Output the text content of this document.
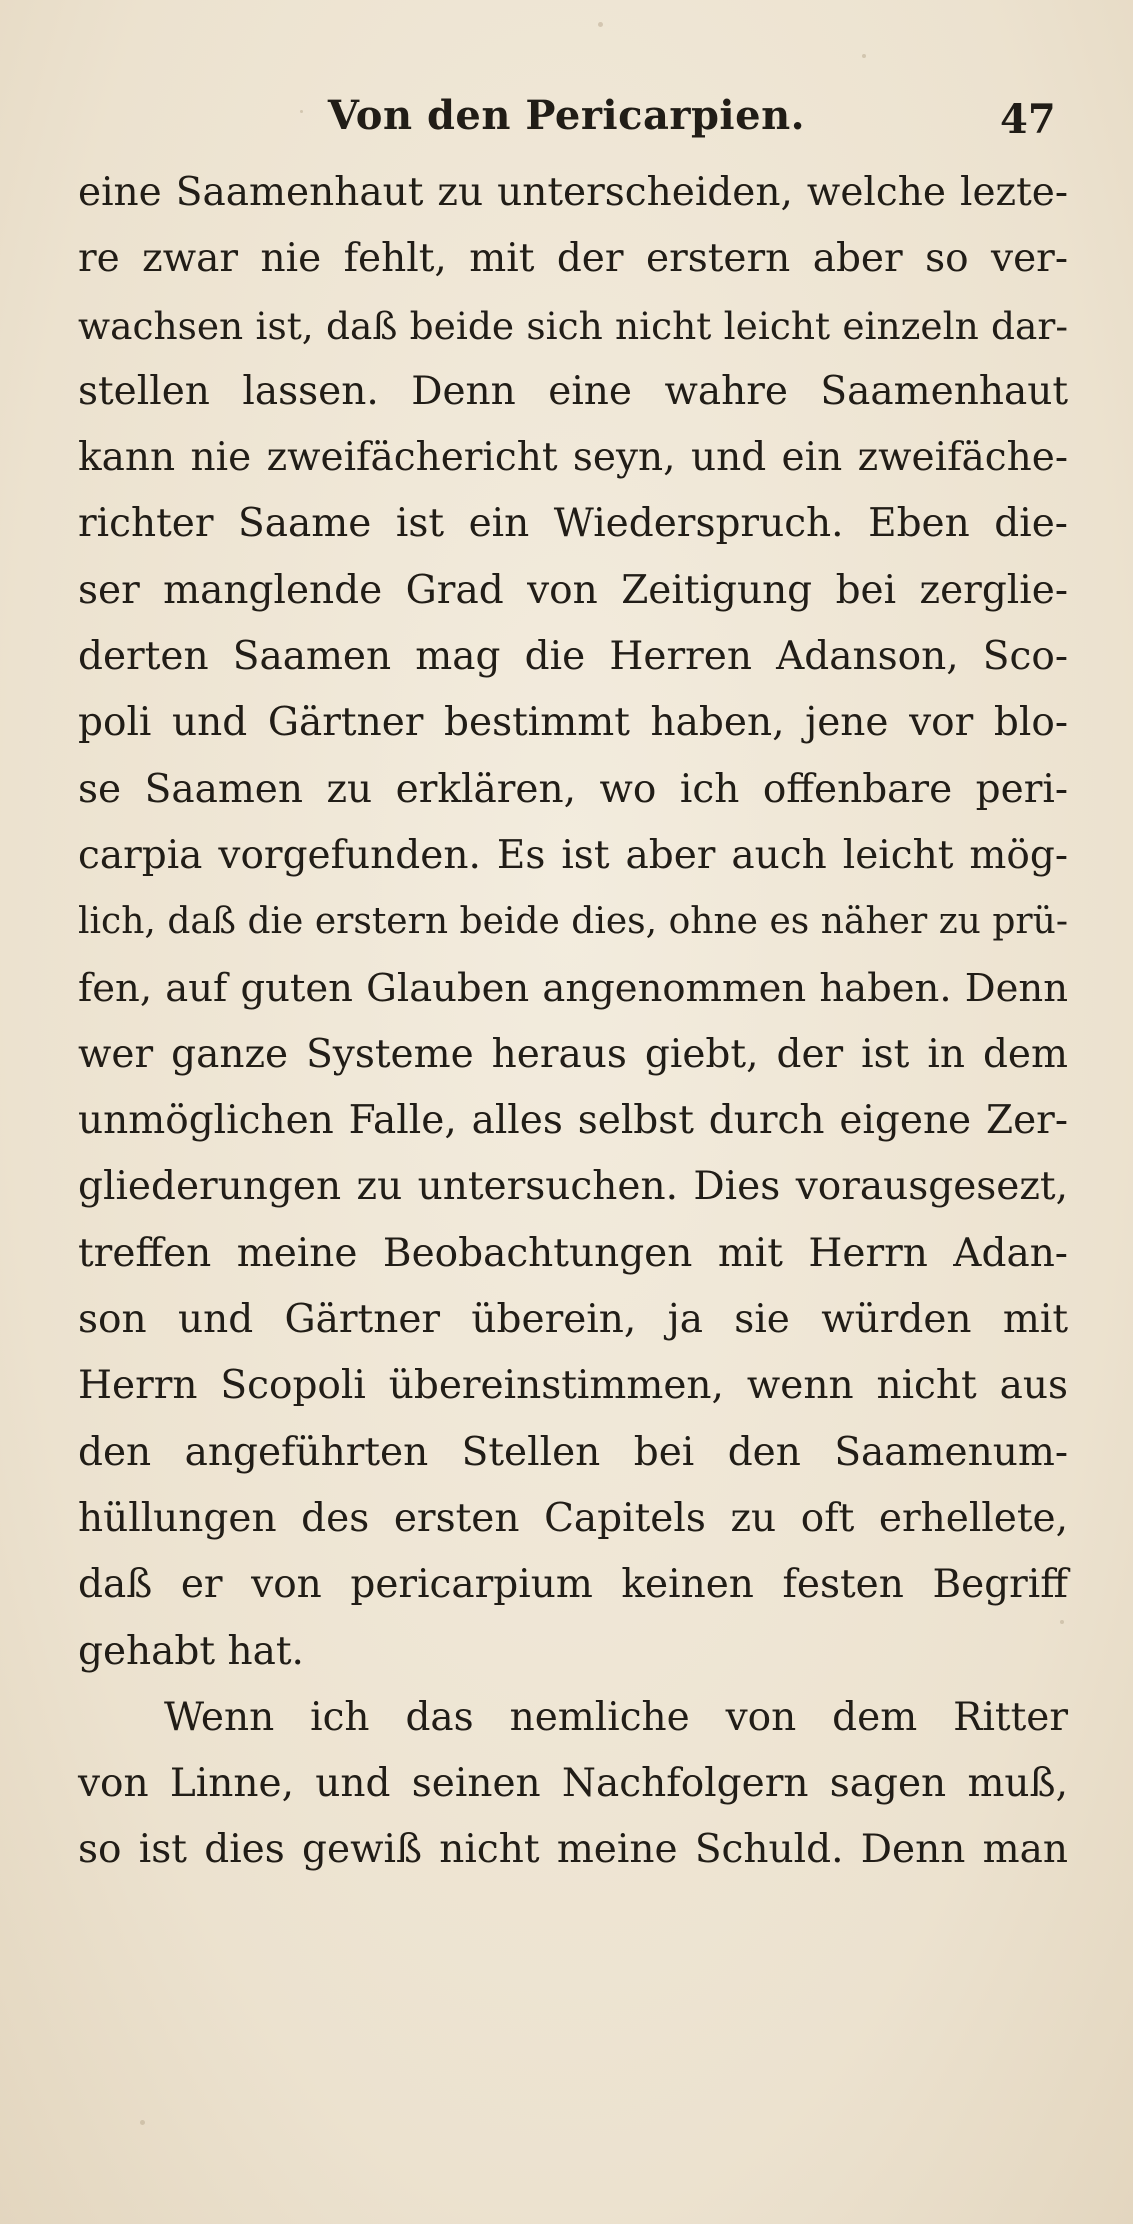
Von den Pericarpien.	47
eine Saamenhaut zu unterscheiden, welche lezte-
re zwar nie fehlt, mit der erstern aber so ver-
wachsen ist, daß beide sich nicht leicht einzeln dar-
stellen lassen. Denn eine wahre Saamenhaut
kann nie zweifächericht seyn, und ein zweifäche-
richter Saame ist ein Wiederspruch. Eben die-
ser manglende Grad von Zeitigung bei zerglie-
derten Saamen mag die Herren Adanson, Sco-
poli und Gärtner bestimmt haben, jene vor blo-
se Saamen zu erklären, wo ich offenbare peri-
carpia vorgefunden. Es ist aber auch leicht mög-
lich, daß die erstern beide dies, ohne es näher zu prü-
fen, auf guten Glauben angenommen haben. Denn
wer ganze Systeme heraus giebt, der ist in dem
unmöglichen Falle, alles selbst durch eigene Zer-
gliederungen zu untersuchen. Dies vorausgesezt,
treffen meine Beobachtungen mit Herrn Adan-
son und Gärtner überein, ja sie würden mit
Herrn Scopoli übereinstimmen, wenn nicht aus
den angeführten Stellen bei den Saamenum-
hüllungen des ersten Capitels zu oft erhellete,
daß er von pericarpium keinen festen Begriff
gehabt hat.
Wenn ich das nemliche von dem Ritter
von Linne, und seinen Nachfolgern sagen muß,
so ist dies gewiß nicht meine Schuld. Denn man
